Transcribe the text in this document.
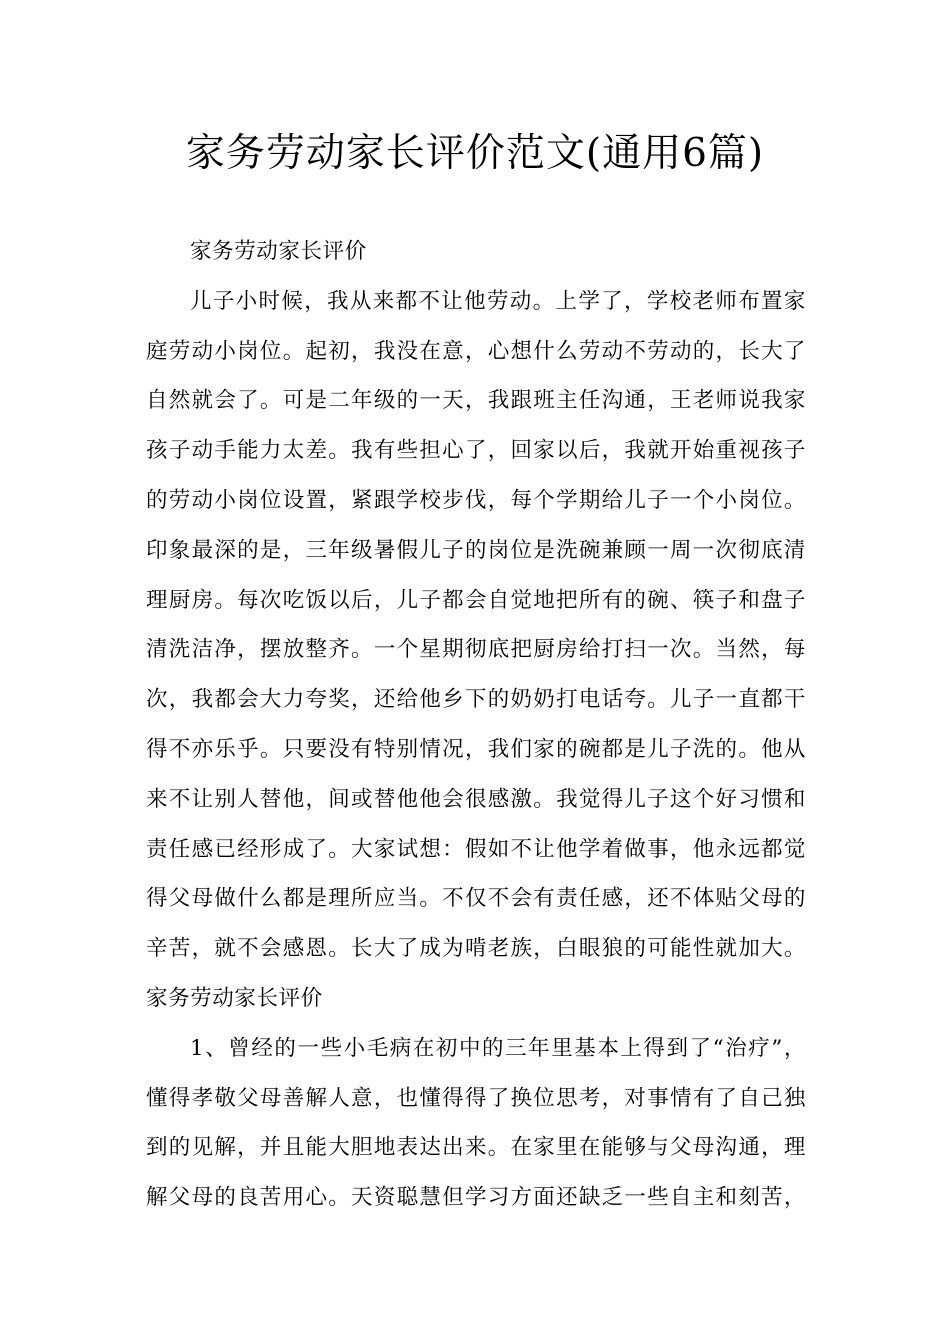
家务劳动家长评价范文(通用6篇)
家务劳动家长评价
儿子小时候，我从来都不让他劳动。上学了，学校老师布置家
庭劳动小岗位。起初，我没在意，心想什么劳动不劳动的，长大了
自然就会了。可是二年级的一天，我跟班主任沟通，王老师说我家
孩子动手能力太差。我有些担心了，回家以后，我就开始重视孩子
的劳动小岗位设置，紧跟学校步伐，每个学期给儿子一个小岗位。
印象最深的是，三年级暑假儿子的岗位是洗碗兼顾一周一次彻底清
理厨房。每次吃饭以后，儿子都会自觉地把所有的碗、筷子和盘子
清洗洁净，摆放整齐。一个星期彻底把厨房给打扫一次。当然，每
次，我都会大力夸奖，还给他乡下的奶奶打电话夸。儿子一直都干
得不亦乐乎。只要没有特别情况，我们家的碗都是儿子洗的。他从
来不让别人替他，间或替他他会很感激。我觉得儿子这个好习惯和
责任感已经形成了。大家试想：假如不让他学着做事，他永远都觉
得父母做什么都是理所应当。不仅不会有责任感，还不体贴父母的
辛苦，就不会感恩。长大了成为啃老族，白眼狼的可能性就加大。
家务劳动家长评价
1、曾经的一些小毛病在初中的三年里基本上得到了“治疗”，
懂得孝敬父母善解人意，也懂得得了换位思考，对事情有了自己独
到的见解，并且能大胆地表达出来。在家里在能够与父母沟通，理
解父母的良苦用心。天资聪慧但学习方面还缺乏一些自主和刻苦，
